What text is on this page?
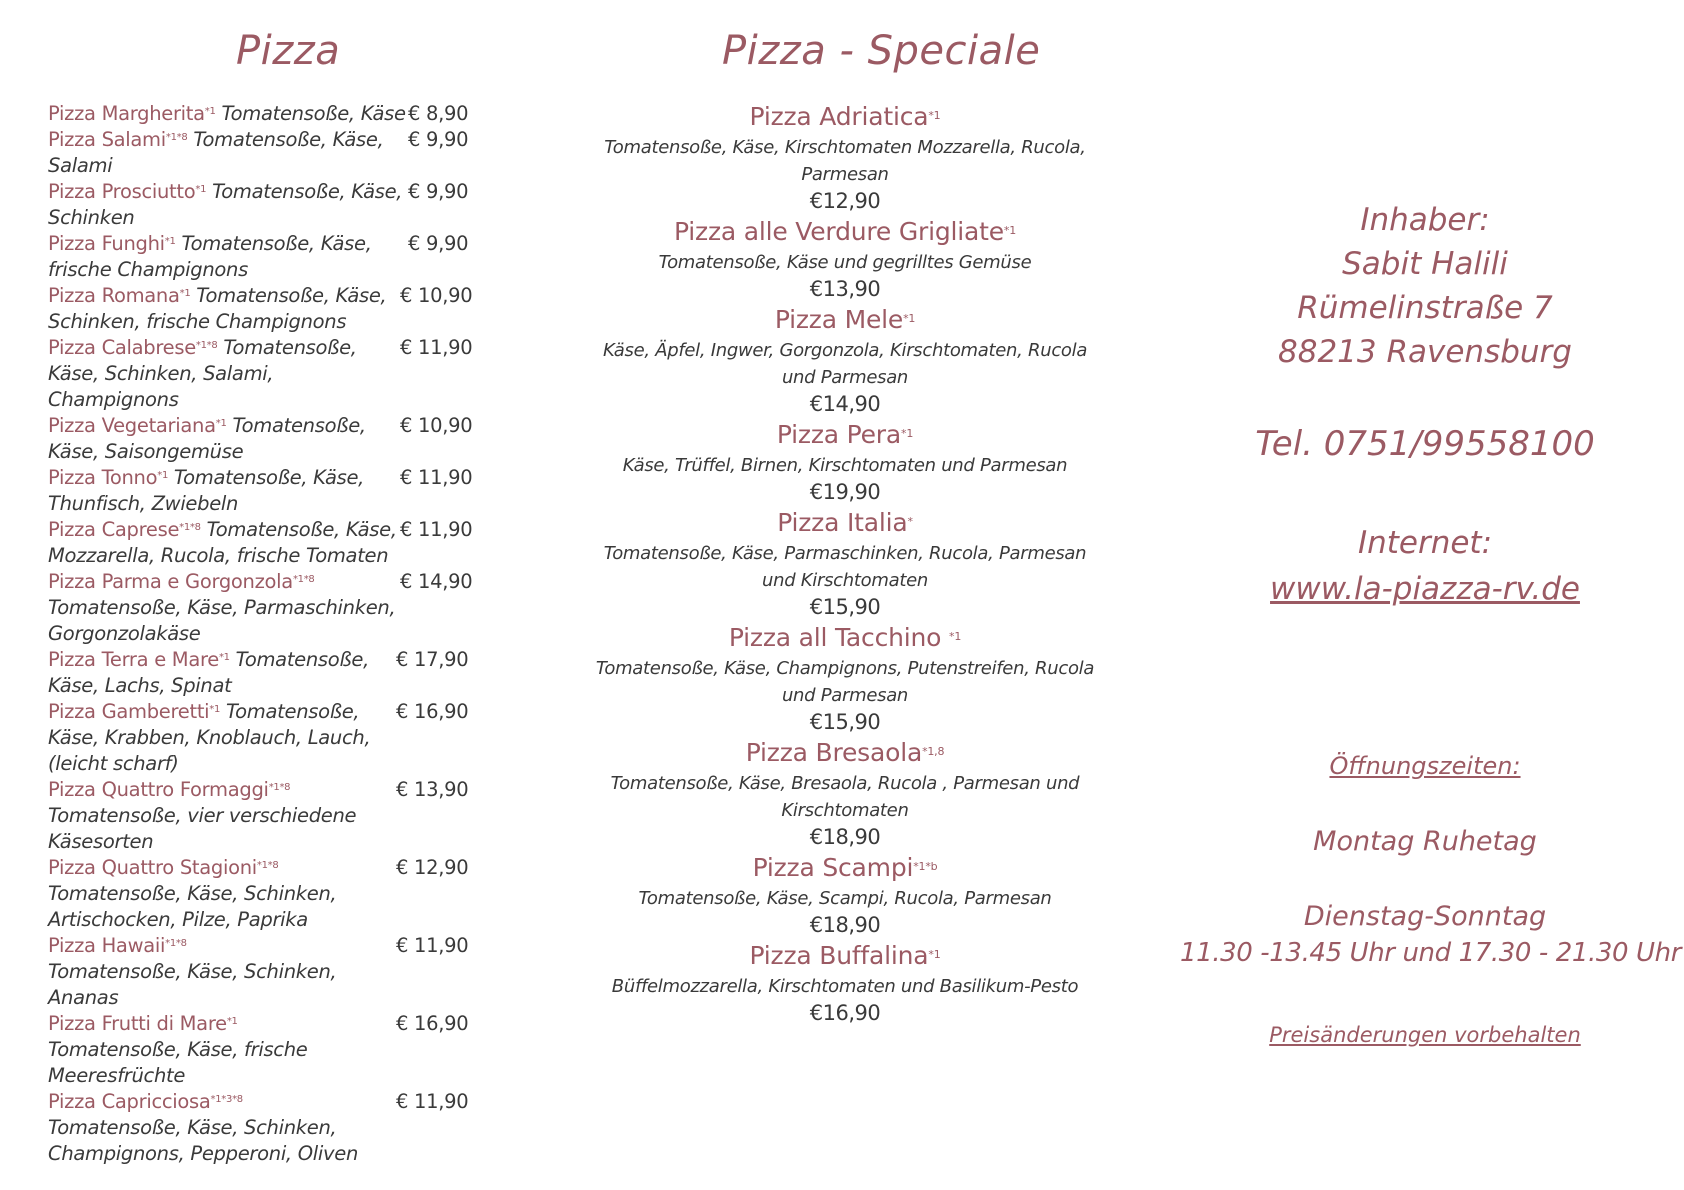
Pizza	Pizza - Speciale
Pizza Margherita$^{*1}$ Tomatensoße, Käse € 8,90
Pizza Salami$^{*1*8}$ Tomatensoße, Käse, Salami
€ 9,90
Pizza Prosciutto$^{*1}$ Tomatensoße, Käse, Schinken
€ 9,90
Pizza Funghi$^{*1}$ Tomatensoße, Käse, frische Champignons
€ 9,90
Pizza Romana$^{*1}$ Tomatensoße, Käse, Schinken, frische Champignons
€ 10,90
Pizza Calabrese$^{*1*8}$ Tomatensoße, Käse, Schinken, Salami, Champignons
€ 11,90
Pizza Vegetariana$^{*1}$ Tomatensoße, Käse, Saisongemüse
€ 10,90
Pizza Tonno$^{*1}$ Tomatensoße, Käse, Thunfisch, Zwiebeln
€ 11,90
Pizza Caprese$^{*1*8}$ Tomatensoße, Käse, Mozzarella, Rucola, frische Tomaten
€ 11,90
Pizza Parma e Gorgonzola$^{*1*8}$
Tomatensoße, Käse, Parmaschinken, Gorgonzolakäse
€ 14,90
Pizza Terra e Mare$^{*1}$ Tomatensoße, Käse, Lachs, Spinat
€ 17,90
Pizza Gamberetti$^{*1}$ Tomatensoße, Käse, Krabben, Knoblauch, Lauch, (leicht scharf)
€ 16,90
Pizza Quattro Formaggi$^{*1*8}$
Tomatensoße, vier verschiedene Käsesorten
€ 13,90
Pizza Quattro Stagioni$^{*1*8}$ Tomatensoße, Käse, Schinken, Artischocken, Pilze, Paprika
€ 12,90
Pizza Hawaii$^{*1*8}$
Tomatensoße, Käse, Schinken, Ananas
€ 11,90
Pizza Frutti di Mare$^{*1}$
Tomatensoße, Käse, frische Meeresfrüchte
€ 16,90
Pizza Capricciosa$^{*1*3*8}$
Tomatensoße, Käse, Schinken, Champignons, Pepperoni, Oliven
€ 11,90
Pizza Adriatica$^{*1}$
Tomatensoße, Käse, Kirschtomaten Mozzarella, Rucola, Parmesan
€12,90
Pizza alle Verdure Grigliate$^{*1}$
Tomatensoße, Käse und gegrilltes Gemüse
€13,90
Pizza Mele$^{*1}$
Käse, Äpfel, Ingwer, Gorgonzola, Kirschtomaten, Rucola und Parmesan
€14,90
Pizza Pera$^{*1}$
Käse, Trüffel, Birnen, Kirschtomaten und Parmesan
€19,90
Pizza Italia*
Tomatensoße, Käse, Parmaschinken, Rucola, Parmesan und Kirschtomaten
€15,90
Pizza all Tacchino $^{*1}$
Tomatensoße, Käse, Champignons, Putenstreifen, Rucola und Parmesan
€15,90
Pizza Bresaola$^{*1,8}$
Tomatensoße, Käse, Bresaola, Rucola , Parmesan und Kirschtomaten
€18,90
Pizza Scampi$^{*1*b}$
Tomatensoße, Käse, Scampi, Rucola, Parmesan
€18,90
Pizza Buffalina$^{*1}$
Büffelmozzarella, Kirschtomaten und Basilikum-Pesto
€16,90
Inhaber:
Sabit Halili
Rümelinstraße 7
88213 Ravensburg
Tel. 0751/99558100
Internet:
www.la-piazza-rv.de
Öffnungszeiten:
Montag Ruhetag
Dienstag-Sonntag
11.30 -13.45 Uhr und 17.30 - 21.30 Uhr
Preisänderungen vorbehalten
